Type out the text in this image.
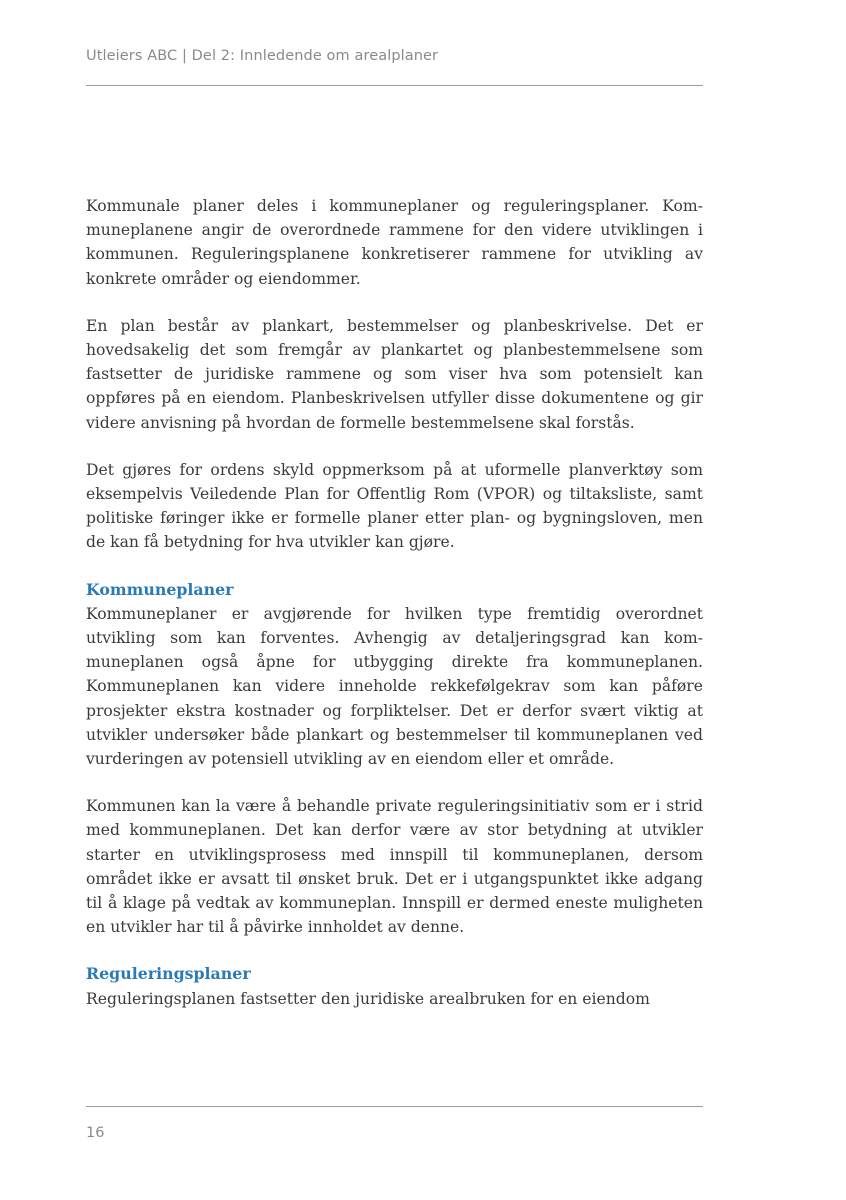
Utleiers ABC | Del 2: Innledende om arealplaner

Kommunale planer deles i kommuneplaner og reguleringsplaner. Kommuneplanene angir de overordnede rammene for den videre utviklingen i kommunen. Reguleringsplanene konkretiserer rammene for utvikling av konkrete områder og eiendommer.

En plan består av plankart, bestemmelser og planbeskrivelse. Det er hovedsakelig det som fremgår av plankartet og planbestemmelsene som fastsetter de juridiske rammene og som viser hva som potensielt kan oppføres på en eiendom. Planbeskrivelsen utfyller disse dokumentene og gir videre anvisning på hvordan de formelle bestemmelsene skal forstås.

Det gjøres for ordens skyld oppmerksom på at uformelle planverktøy som eksempelvis Veiledende Plan for Offentlig Rom (VPOR) og tiltaksliste, samt politiske føringer ikke er formelle planer etter plan- og bygningsloven, men de kan få betydning for hva utvikler kan gjøre.

Kommuneplaner

Kommuneplaner er avgjørende for hvilken type fremtidig overordnet utvikling som kan forventes. Avhengig av detaljeringsgrad kan kommuneplanen også åpne for utbygging direkte fra kommuneplanen. Kommuneplanen kan videre inneholde rekkefølgekrav som kan påføre prosjekter ekstra kostnader og forpliktelser. Det er derfor svært viktig at utvikler undersøker både plankart og bestemmelser til kommuneplanen ved vurderingen av potensiell utvikling av en eiendom eller et område.

Kommunen kan la være å behandle private reguleringsinitiativ som er i strid med kommuneplanen. Det kan derfor være av stor betydning at utvikler starter en utviklingsprosess med innspill til kommuneplanen, dersom området ikke er avsatt til ønsket bruk. Det er i utgangspunktet ikke adgang til å klage på vedtak av kommuneplan. Innspill er dermed eneste muligheten en utvikler har til å påvirke innholdet av denne.

Reguleringsplaner

Reguleringsplanen fastsetter den juridiske arealbruken for en eiendom

16
